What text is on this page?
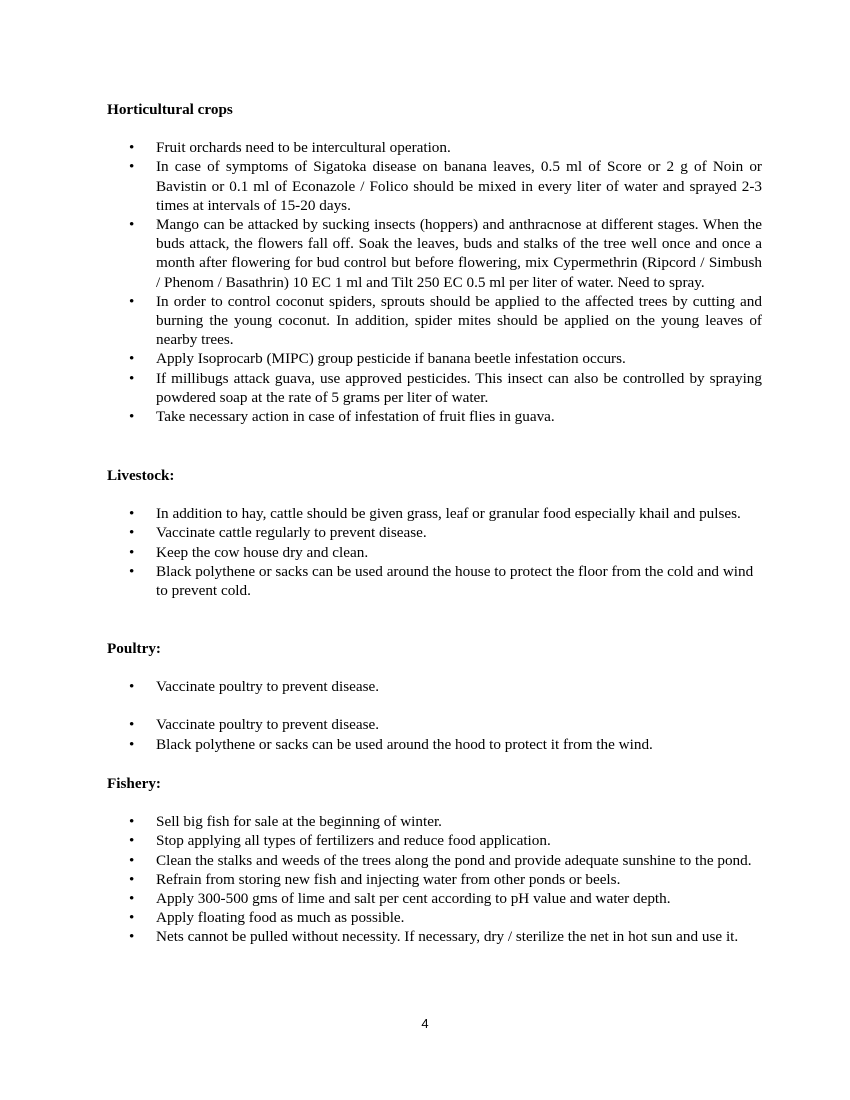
Horticultural crops

• Fruit orchards need to be intercultural operation.
• In case of symptoms of Sigatoka disease on banana leaves, 0.5 ml of Score or 2 g of Noin or Bavistin or 0.1 ml of Econazole / Folico should be mixed in every liter of water and sprayed 2-3 times at intervals of 15-20 days.
• Mango can be attacked by sucking insects (hoppers) and anthracnose at different stages. When the buds attack, the flowers fall off. Soak the leaves, buds and stalks of the tree well once and once a month after flowering for bud control but before flowering, mix Cypermethrin (Ripcord / Simbush / Phenom / Basathrin) 10 EC 1 ml and Tilt 250 EC 0.5 ml per liter of water. Need to spray.
• In order to control coconut spiders, sprouts should be applied to the affected trees by cutting and burning the young coconut. In addition, spider mites should be applied on the young leaves of nearby trees.
• Apply Isoprocarb (MIPC) group pesticide if banana beetle infestation occurs.
• If millibugs attack guava, use approved pesticides. This insect can also be controlled by spraying powdered soap at the rate of 5 grams per liter of water.
• Take necessary action in case of infestation of fruit flies in guava.

Livestock:

• In addition to hay, cattle should be given grass, leaf or granular food especially khail and pulses.
• Vaccinate cattle regularly to prevent disease.
• Keep the cow house dry and clean.
• Black polythene or sacks can be used around the house to protect the floor from the cold and wind to prevent cold.

Poultry:

• Vaccinate poultry to prevent disease.
• Vaccinate poultry to prevent disease.
• Black polythene or sacks can be used around the hood to protect it from the wind.

Fishery:

• Sell big fish for sale at the beginning of winter.
• Stop applying all types of fertilizers and reduce food application.
• Clean the stalks and weeds of the trees along the pond and provide adequate sunshine to the pond.
• Refrain from storing new fish and injecting water from other ponds or beels.
• Apply 300-500 gms of lime and salt per cent according to pH value and water depth.
• Apply floating food as much as possible.
• Nets cannot be pulled without necessity. If necessary, dry / sterilize the net in hot sun and use it.
4
